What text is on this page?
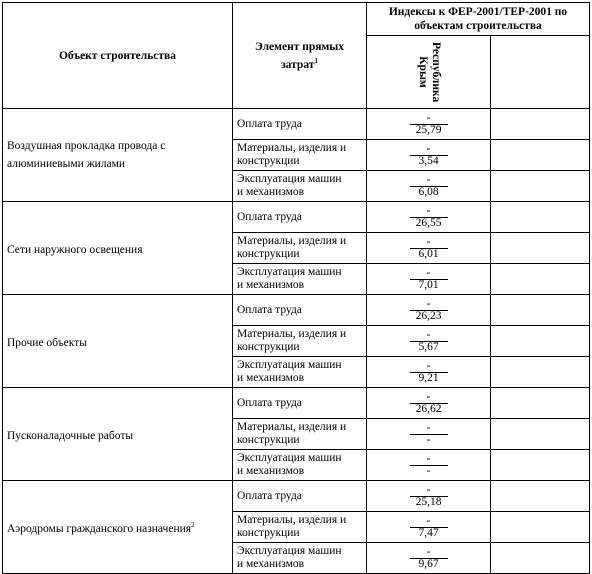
Объект строительства	Элемент прямых затрат$^1$	Индексы к ФЕР-2001/ТЕР-2001 по объектам строительства	
		Республика Крым	
Воздушная прокладка провода с алюминиевыми жилами	Оплата труда	$\frac{-}{25,79}$

	Материалы, изделия и конструкции	$\frac{-}{3,54}$

	Эксплуатация машин и механизмов	$\frac{-}{6,08}$

Сети наружного освещения	Оплата труда	$\frac{-}{26,55}$

	Материалы, изделия и конструкции	$\frac{-}{6,01}$

	Эксплуатация машин и механизмов	$\frac{-}{7,01}$

Прочие объекты	Оплата труда	$\frac{-}{26,23}$

	Материалы, изделия и конструкции	$\frac{-}{5,67}$

	Эксплуатация машин и механизмов	$\frac{-}{9,21}$

Пусконаладочные работы	Оплата труда	$\frac{-}{26,62}$

	Материалы, изделия и конструкции	$\frac{-}{-}$

	Эксплуатация машин и механизмов	$\frac{-}{-}$

Аэродромы гражданского назначения$^2$	Оплата труда	$\frac{-}{25,18}$

	Материалы, изделия и конструкции	$\frac{-}{7,47}$

	Эксплуатация машин и механизмов	$\frac{-}{9,67}$
